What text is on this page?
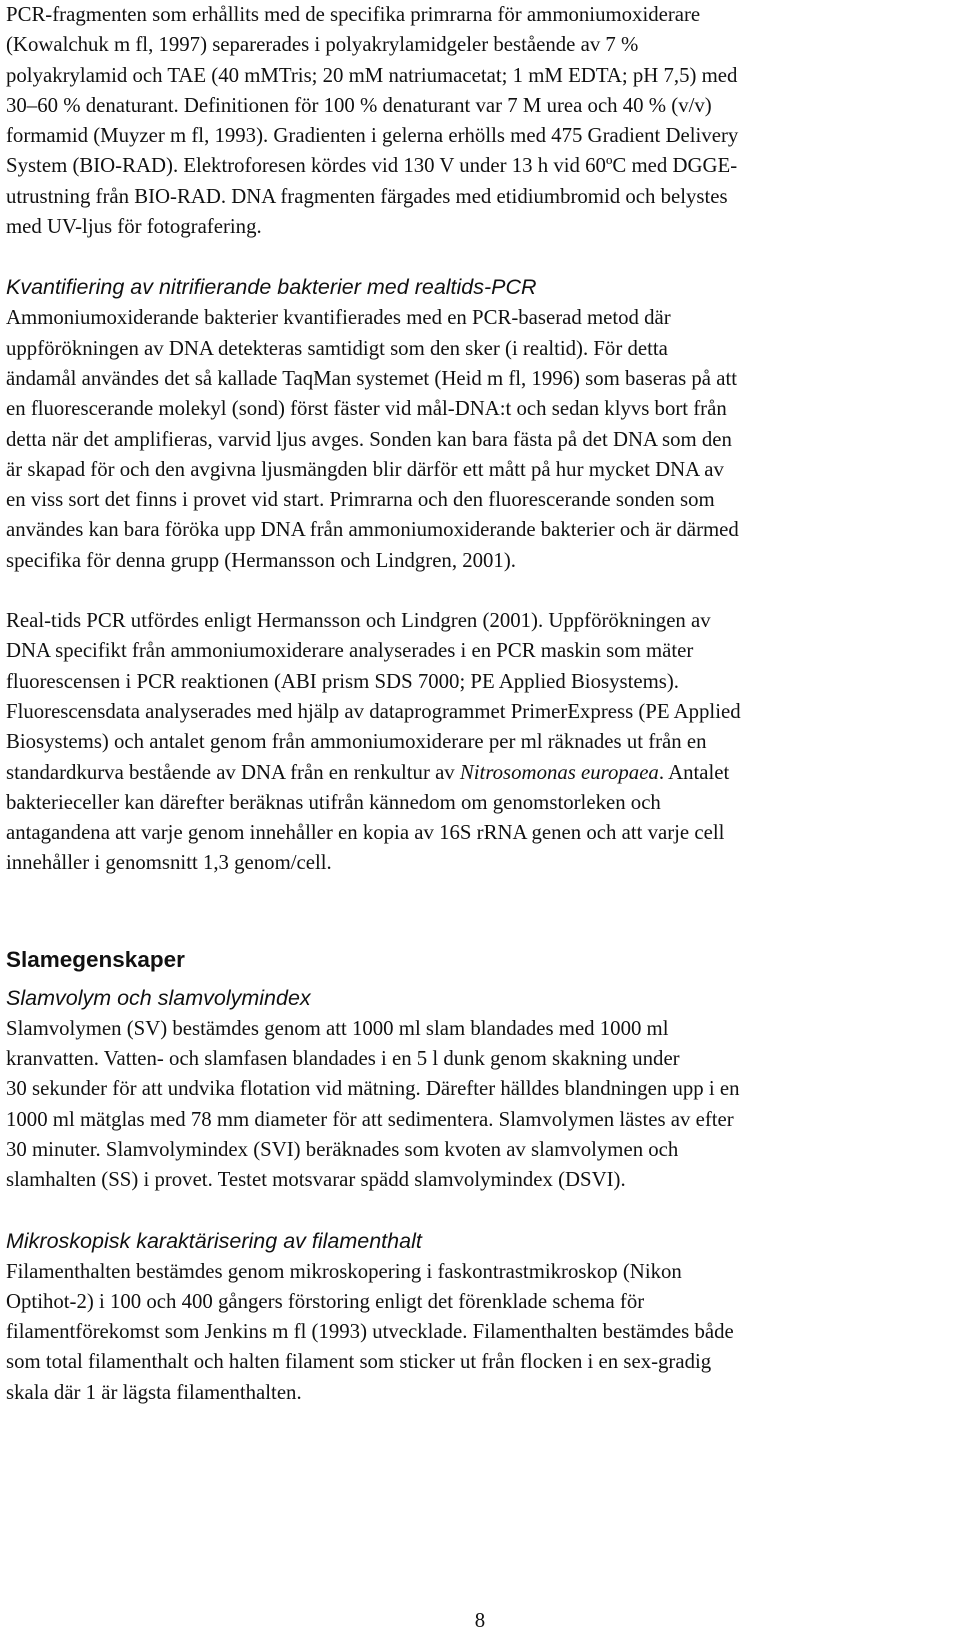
PCR-fragmenten som erhållits med de specifika primrarna för ammoniumoxiderare
(Kowalchuk m fl, 1997) separerades i polyakrylamidgeler bestående av 7 %
polyakrylamid och TAE (40 mMTris; 20 mM natriumacetat; 1 mM EDTA; pH 7,5) med
30–60 % denaturant. Definitionen för 100 % denaturant var 7 M urea och 40 % (v/v)
formamid (Muyzer m fl, 1993). Gradienten i gelerna erhölls med 475 Gradient Delivery
System (BIO-RAD). Elektroforesen kördes vid 130 V under 13 h vid 60ºC med DGGE-
utrustning från BIO-RAD. DNA fragmenten färgades med etidiumbromid och belystes
med UV-ljus för fotografering.

Kvantifiering av nitrifierande bakterier med realtids-PCR

Ammoniumoxiderande bakterier kvantifierades med en PCR-baserad metod där
uppförökningen av DNA detekteras samtidigt som den sker (i realtid). För detta
ändamål användes det så kallade TaqMan systemet (Heid m fl, 1996) som baseras på att
en fluorescerande molekyl (sond) först fäster vid mål-DNA:t och sedan klyvs bort från
detta när det amplifieras, varvid ljus avges. Sonden kan bara fästa på det DNA som den
är skapad för och den avgivna ljusmängden blir därför ett mått på hur mycket DNA av
en viss sort det finns i provet vid start. Primrarna och den fluorescerande sonden som
användes kan bara föröka upp DNA från ammoniumoxiderande bakterier och är därmed
specifika för denna grupp (Hermansson och Lindgren, 2001).
Real-tids PCR utfördes enligt Hermansson och Lindgren (2001). Uppförökningen av
DNA specifikt från ammoniumoxiderare analyserades i en PCR maskin som mäter
fluorescensen i PCR reaktionen (ABI prism SDS 7000; PE Applied Biosystems).
Fluorescensdata analyserades med hjälp av dataprogrammet PrimerExpress (PE Applied
Biosystems) och antalet genom från ammoniumoxiderare per ml räknades ut från en
standardkurva bestående av DNA från en renkultur av Nitrosomonas europaea. Antalet
bakterieceller kan därefter beräknas utifrån kännedom om genomstorleken och
antagandena att varje genom innehåller en kopia av 16S rRNA genen och att varje cell
innehåller i genomsnitt 1,3 genom/cell.

Slamegenskaper

Slamvolym och slamvolymindex

Slamvolymen (SV) bestämdes genom att 1000 ml slam blandades med 1000 ml
kranvatten. Vatten- och slamfasen blandades i en 5 l dunk genom skakning under
30 sekunder för att undvika flotation vid mätning. Därefter hälldes blandningen upp i en
1000 ml mätglas med 78 mm diameter för att sedimentera. Slamvolymen lästes av efter
30 minuter. Slamvolymindex (SVI) beräknades som kvoten av slamvolymen och
slamhalten (SS) i provet. Testet motsvarar spädd slamvolymindex (DSVI).

Mikroskopisk karaktärisering av filamenthalt

Filamenthalten bestämdes genom mikroskopering i faskontrastmikroskop (Nikon
Optihot-2) i 100 och 400 gångers förstoring enligt det förenklade schema för
filamentförekomst som Jenkins m fl (1993) utvecklade. Filamenthalten bestämdes både
som total filamenthalt och halten filament som sticker ut från flocken i en sex-gradig
skala där 1 är lägsta filamenthalten.
8
